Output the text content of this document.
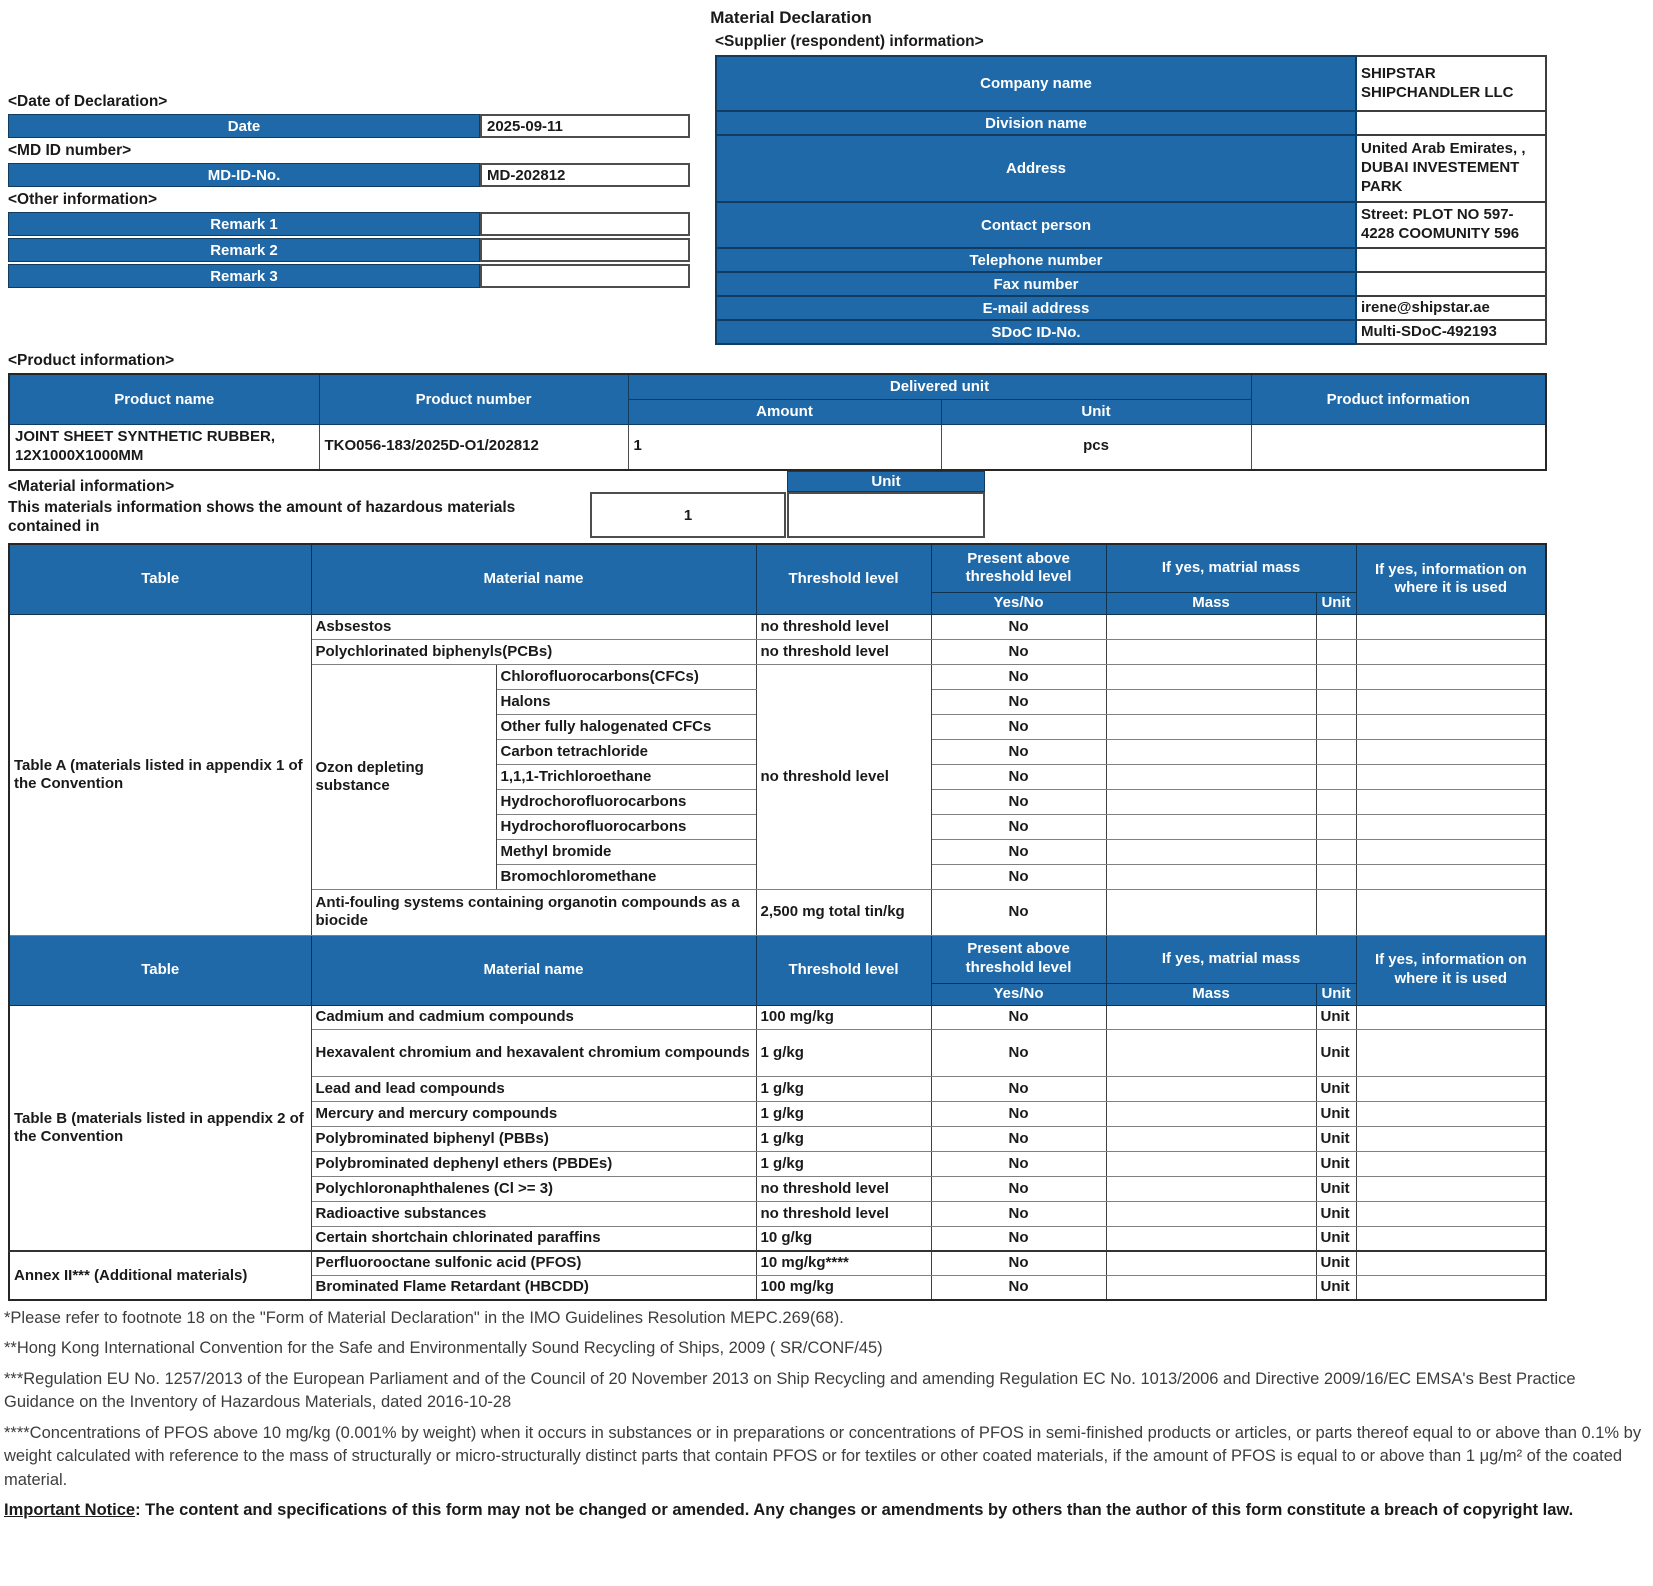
Material Declaration
<Supplier (respondent) information>
Company name	SHIPSTAR SHIPCHANDLER LLC
Division name	
Address	United Arab Emirates, , DUBAI INVESTEMENT PARK
Contact person	Street: PLOT NO 597-4228 COOMUNITY 596
Telephone number	
Fax number	
E-mail address	irene@shipstar.ae
SDoC ID-No.	Multi-SDoC-492193
<Date of Declaration>
Date	2025-09-11
<MD ID number>
MD-ID-No.	MD-202812
<Other information>
Remark 1
Remark 2
Remark 3
<Product information>
Product name	Product number	Delivered unit		Product information
		Amount	Unit	
JOINT SHEET SYNTHETIC RUBBER, 12X1000X1000MM	TKO056-183/2025D-O1/202812	1	pcs	
<Material information>
This materials information shows the amount of hazardous materials contained in
1
Unit
Table	Material name		Threshold level	Present above threshold level	If yes, matrial mass		If yes, information on where it is used
				Yes/No	Mass	Unit	
Table A (materials listed in appendix 1 of the Convention	Asbsestos		no threshold level	No			
	Polychlorinated biphenyls(PCBs)		no threshold level	No			
	Ozon depleting substance	Chlorofluorocarbons(CFCs)	no threshold level	No			
		Halons		No			
		Other fully halogenated CFCs		No			
		Carbon tetrachloride		No			
		1,1,1-Trichloroethane		No			
		Hydrochorofluorocarbons		No			
		Hydrochorofluorocarbons		No			
		Methyl bromide		No			
		Bromochloromethane		No			
	Anti-fouling systems containing organotin compounds as a biocide		2,500 mg total tin/kg	No			
Table	Material name		Threshold level	Present above threshold level	If yes, matrial mass		If yes, information on where it is used
				Yes/No	Mass	Unit	
Table B (materials listed in appendix 2 of the Convention	Cadmium and cadmium compounds		100 mg/kg	No		Unit	
	Hexavalent chromium and hexavalent chromium compounds		1 g/kg	No		Unit	
	Lead and lead compounds		1 g/kg	No		Unit	
	Mercury and mercury compounds		1 g/kg	No		Unit	
	Polybrominated biphenyl (PBBs)		1 g/kg	No		Unit	
	Polybrominated dephenyl ethers (PBDEs)		1 g/kg	No		Unit	
	Polychloronaphthalenes (Cl >= 3)		no threshold level	No		Unit	
	Radioactive substances		no threshold level	No		Unit	
	Certain shortchain chlorinated paraffins		10 g/kg	No		Unit	
Annex II*** (Additional materials)	Perfluorooctane sulfonic acid (PFOS)		10 mg/kg****	No		Unit	
	Brominated Flame Retardant (HBCDD)		100 mg/kg	No		Unit	

*Please refer to footnote 18 on the "Form of Material Declaration" in the IMO Guidelines Resolution MEPC.269(68).

**Hong Kong International Convention for the Safe and Environmentally Sound Recycling of Ships, 2009 ( SR/CONF/45)

***Regulation EU No. 1257/2013 of the European Parliament and of the Council of 20 November 2013 on Ship Recycling and amending Regulation EC No. 1013/2006 and Directive 2009/16/EC EMSA's Best Practice Guidance on the Inventory of Hazardous Materials, dated 2016-10-28

****Concentrations of PFOS above 10 mg/kg (0.001% by weight) when it occurs in substances or in preparations or concentrations of PFOS in semi-finished products or articles, or parts thereof equal to or above than 0.1% by weight calculated with reference to the mass of structurally or micro-structurally distinct parts that contain PFOS or for textiles or other coated materials, if the amount of PFOS is equal to or above than 1 μg/m² of the coated material.

Important Notice: The content and specifications of this form may not be changed or amended. Any changes or amendments by others than the author of this form constitute a breach of copyright law.
